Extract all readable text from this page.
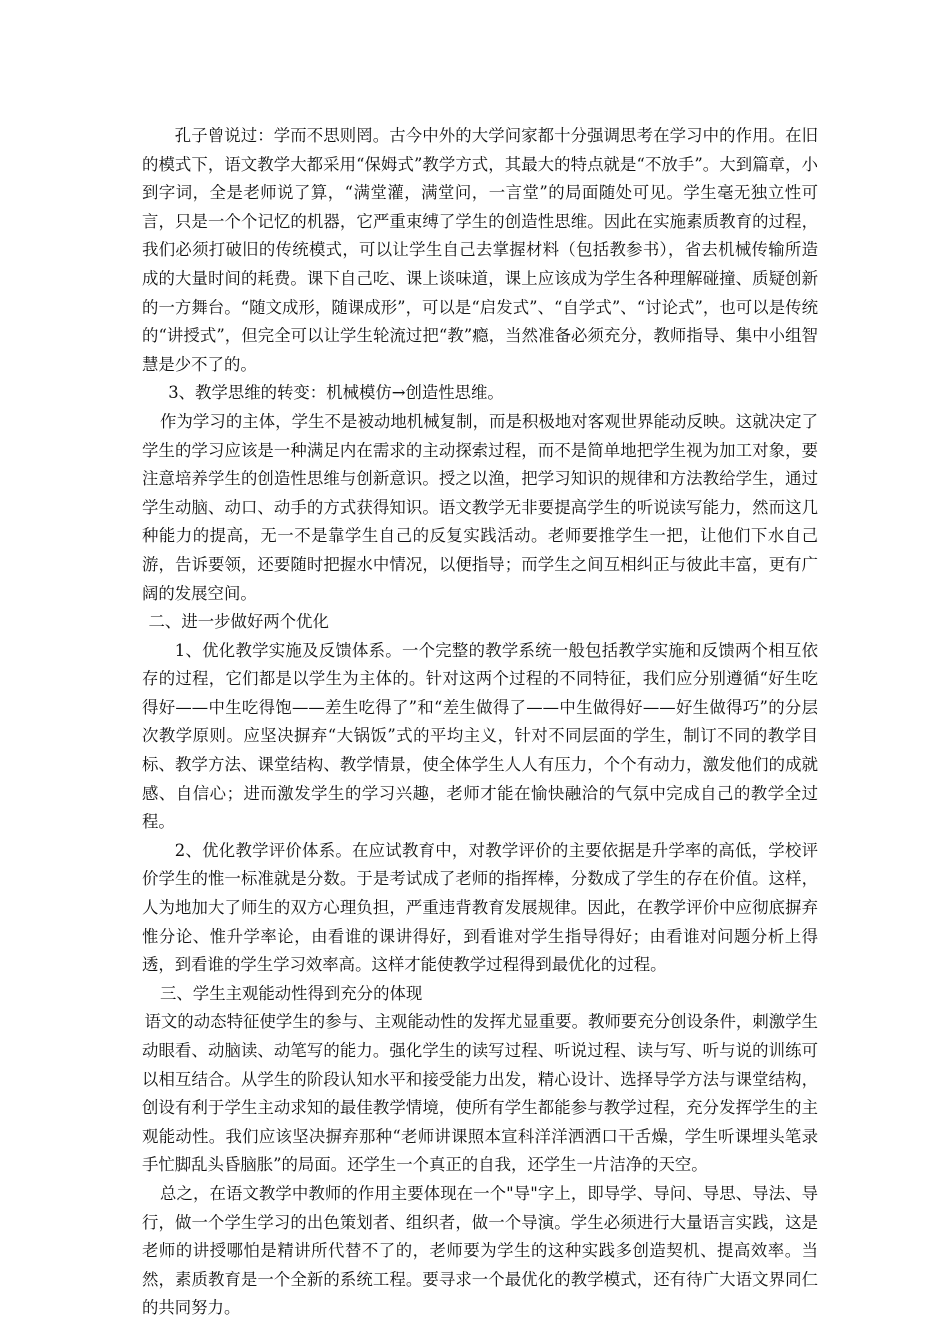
孔子曾说过：学而不思则罔。古今中外的大学问家都十分强调思考在学习中的作用。在旧的模式下，语文教学大都采用“保姆式”教学方式，其最大的特点就是“不放手”。大到篇章，小到字词，全是老师说了算，“满堂灌，满堂问，一言堂”的局面随处可见。学生毫无独立性可言，只是一个个记忆的机器，它严重束缚了学生的创造性思维。因此在实施素质教育的过程，我们必须打破旧的传统模式，可以让学生自己去掌握材料（包括教参书），省去机械传输所造成的大量时间的耗费。课下自己吃、课上谈味道，课上应该成为学生各种理解碰撞、质疑创新的一方舞台。“随文成形，随课成形”，可以是“启发式”、“自学式”、“讨论式”，也可以是传统的“讲授式”，但完全可以让学生轮流过把“教”瘾，当然准备必须充分，教师指导、集中小组智慧是少不了的。

3、教学思维的转变：机械模仿→创造性思维。

作为学习的主体，学生不是被动地机械复制，而是积极地对客观世界能动反映。这就决定了学生的学习应该是一种满足内在需求的主动探索过程，而不是简单地把学生视为加工对象，要注意培养学生的创造性思维与创新意识。授之以渔，把学习知识的规律和方法教给学生，通过学生动脑、动口、动手的方式获得知识。语文教学无非要提高学生的听说读写能力，然而这几种能力的提高，无一不是靠学生自己的反复实践活动。老师要推学生一把，让他们下水自己游，告诉要领，还要随时把握水中情况，以便指导；而学生之间互相纠正与彼此丰富，更有广阔的发展空间。

二、进一步做好两个优化

1、优化教学实施及反馈体系。一个完整的教学系统一般包括教学实施和反馈两个相互依存的过程，它们都是以学生为主体的。针对这两个过程的不同特征，我们应分别遵循“好生吃得好——中生吃得饱——差生吃得了”和“差生做得了——中生做得好——好生做得巧”的分层次教学原则。应坚决摒弃“大锅饭”式的平均主义，针对不同层面的学生，制订不同的教学目标、教学方法、课堂结构、教学情景，使全体学生人人有压力，个个有动力，激发他们的成就感、自信心；进而激发学生的学习兴趣，老师才能在愉快融洽的气氛中完成自己的教学全过程。

2、优化教学评价体系。在应试教育中，对教学评价的主要依据是升学率的高低，学校评价学生的惟一标准就是分数。于是考试成了老师的指挥棒，分数成了学生的存在价值。这样，人为地加大了师生的双方心理负担，严重违背教育发展规律。因此，在教学评价中应彻底摒弃惟分论、惟升学率论，由看谁的课讲得好，到看谁对学生指导得好；由看谁对问题分析上得透，到看谁的学生学习效率高。这样才能使教学过程得到最优化的过程。

三、学生主观能动性得到充分的体现

语文的动态特征使学生的参与、主观能动性的发挥尤显重要。教师要充分创设条件，刺激学生动眼看、动脑读、动笔写的能力。强化学生的读写过程、听说过程、读与写、听与说的训练可以相互结合。从学生的阶段认知水平和接受能力出发，精心设计、选择导学方法与课堂结构，创设有利于学生主动求知的最佳教学情境，使所有学生都能参与教学过程，充分发挥学生的主观能动性。我们应该坚决摒弃那种“老师讲课照本宣科洋洋洒洒口干舌燥，学生听课埋头笔录手忙脚乱头昏脑胀”的局面。还学生一个真正的自我，还学生一片洁净的天空。

总之，在语文教学中教师的作用主要体现在一个"导"字上，即导学、导问、导思、导法、导行，做一个学生学习的出色策划者、组织者，做一个导演。学生必须进行大量语言实践，这是老师的讲授哪怕是精讲所代替不了的，老师要为学生的这种实践多创造契机、提高效率。当然，素质教育是一个全新的系统工程。要寻求一个最优化的教学模式，还有待广大语文界同仁的共同努力。
